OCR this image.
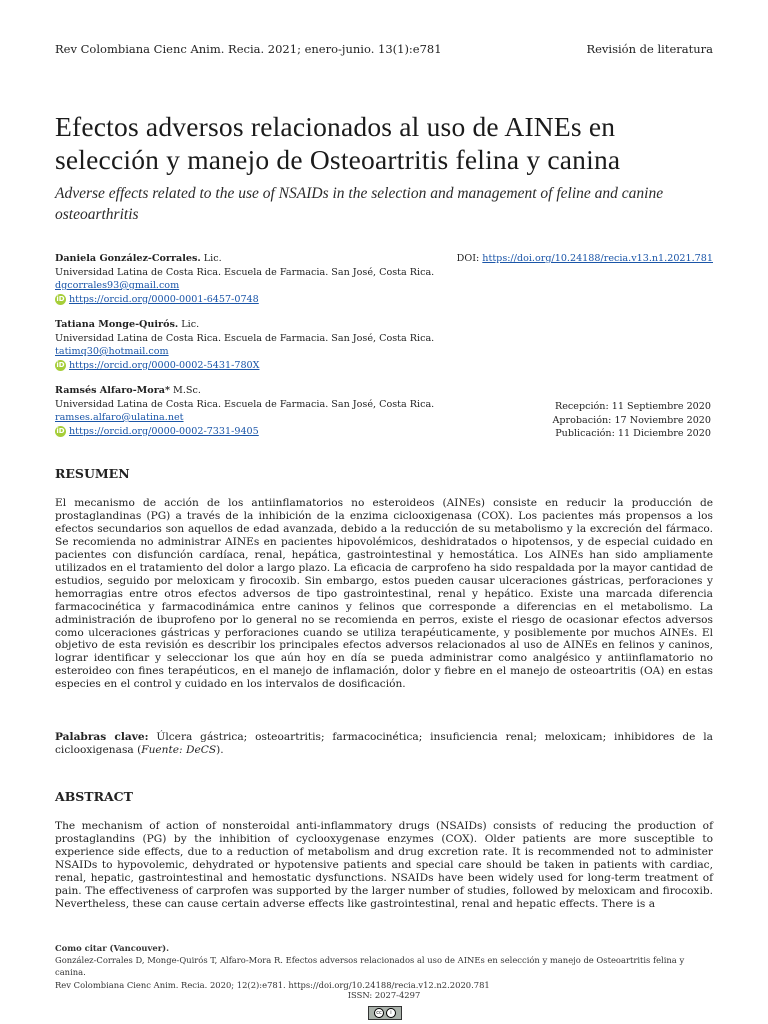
Rev Colombiana Cienc Anim. Recia. 2021; enero-junio. 13(1):e781	Revisión de literatura
Efectos adversos relacionados al uso de AINEs en selección y manejo de Osteoartritis felina y canina
Adverse effects related to the use of NSAIDs in the selection and management of feline and canine osteoarthritis
Daniela González-Corrales. Lic.
Universidad Latina de Costa Rica. Escuela de Farmacia. San José, Costa Rica.
dgcorrales93@gmail.com
iD https://orcid.org/0000-0001-6457-0748
Tatiana Monge-Quirós. Lic.
Universidad Latina de Costa Rica. Escuela de Farmacia. San José, Costa Rica.
tatimq30@hotmail.com
iD https://orcid.org/0000-0002-5431-780X
Ramsés Alfaro-Mora* M.Sc.
Universidad Latina de Costa Rica. Escuela de Farmacia. San José, Costa Rica.
ramses.alfaro@ulatina.net
iD https://orcid.org/0000-0002-7331-9405
DOI: https://doi.org/10.24188/recia.v13.n1.2021.781
Recepción: 11 Septiembre 2020
Aprobación: 17 Noviembre 2020
Publicación: 11 Diciembre 2020
RESUMEN
El mecanismo de acción de los antiinflamatorios no esteroideos (AINEs) consiste en reducir la producción de prostaglandinas (PG) a través de la inhibición de la enzima ciclooxigenasa (COX). Los pacientes más propensos a los efectos secundarios son aquellos de edad avanzada, debido a la reducción de su metabolismo y la excreción del fármaco. Se recomienda no administrar AINEs en pacientes hipovolémicos, deshidratados o hipotensos, y de especial cuidado en pacientes con disfunción cardíaca, renal, hepática, gastrointestinal y hemostática. Los AINEs han sido ampliamente utilizados en el tratamiento del dolor a largo plazo. La eficacia de carprofeno ha sido respaldada por la mayor cantidad de estudios, seguido por meloxicam y firocoxib. Sin embargo, estos pueden causar ulceraciones gástricas, perforaciones y hemorragias entre otros efectos adversos de tipo gastrointestinal, renal y hepático. Existe una marcada diferencia farmacocinética y farmacodinámica entre caninos y felinos que corresponde a diferencias en el metabolismo. La administración de ibuprofeno por lo general no se recomienda en perros, existe el riesgo de ocasionar efectos adversos como ulceraciones gástricas y perforaciones cuando se utiliza terapéuticamente, y posiblemente por muchos AINEs. El objetivo de esta revisión es describir los principales efectos adversos relacionados al uso de AINEs en felinos y caninos, lograr identificar y seleccionar los que aún hoy en día se pueda administrar como analgésico y antiinflamatorio no esteroideo con fines terapéuticos, en el manejo de inflamación, dolor y fiebre en el manejo de osteoartritis (OA) en estas especies en el control y cuidado en los intervalos de dosificación.
Palabras clave: Úlcera gástrica; osteoartritis; farmacocinética; insuficiencia renal; meloxicam; inhibidores de la ciclooxigenasa (Fuente: DeCS).
ABSTRACT
The mechanism of action of nonsteroidal anti-inflammatory drugs (NSAIDs) consists of reducing the production of prostaglandins (PG) by the inhibition of cyclooxygenase enzymes (COX). Older patients are more susceptible to experience side effects, due to a reduction of metabolism and drug excretion rate. It is recommended not to administer NSAIDs to hypovolemic, dehydrated or hypotensive patients and special care should be taken in patients with cardiac, renal, hepatic, gastrointestinal and hemostatic dysfunctions. NSAIDs have been widely used for long-term treatment of pain. The effectiveness of carprofen was supported by the larger number of studies, followed by meloxicam and firocoxib. Nevertheless, these can cause certain adverse effects like gastrointestinal, renal and hepatic effects. There is a
Como citar (Vancouver).
González-Corrales D, Monge-Quirós T, Alfaro-Mora R. Efectos adversos relacionados al uso de AINEs en selección y manejo de Osteoartritis felina y canina.
Rev Colombiana Cienc Anim. Recia. 2020; 12(2):e781. https://doi.org/10.24188/recia.v12.n2.2020.781
ISSN: 2027-4297
cc	i
